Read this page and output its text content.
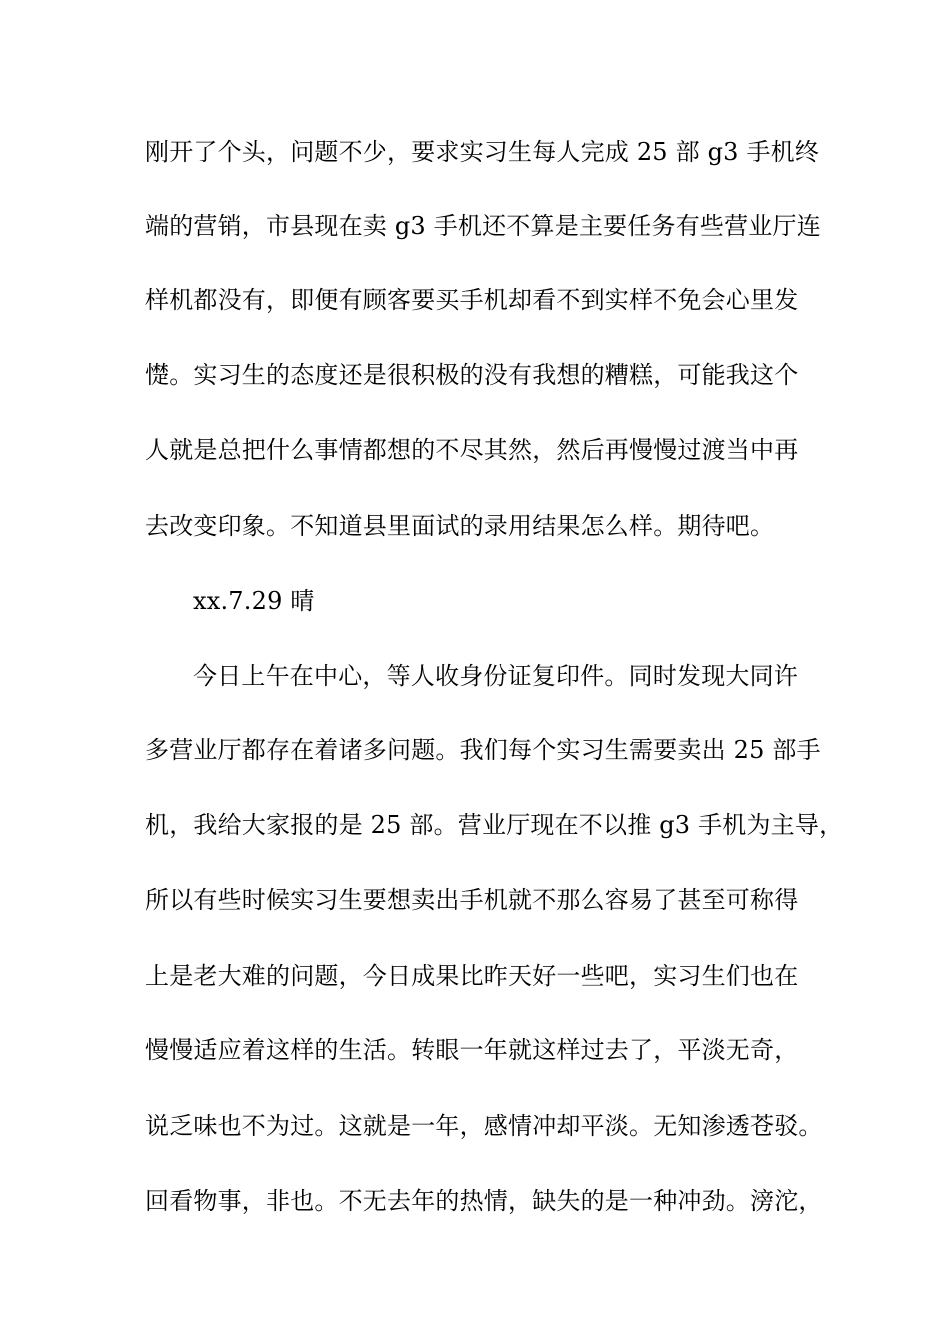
刚开了个头，问题不少，要求实习生每人完成 25 部 g3 手机终
端的营销，市县现在卖 g3 手机还不算是主要任务有些营业厅连
样机都没有，即便有顾客要买手机却看不到实样不免会心里发
憷。实习生的态度还是很积极的没有我想的糟糕，可能我这个
人就是总把什么事情都想的不尽其然，然后再慢慢过渡当中再
去改变印象。不知道县里面试的录用结果怎么样。期待吧。
xx.7.29 晴
今日上午在中心，等人收身份证复印件。同时发现大同许
多营业厅都存在着诸多问题。我们每个实习生需要卖出 25 部手
机，我给大家报的是 25 部。营业厅现在不以推 g3 手机为主导，
所以有些时候实习生要想卖出手机就不那么容易了甚至可称得
上是老大难的问题，今日成果比昨天好一些吧，实习生们也在
慢慢适应着这样的生活。转眼一年就这样过去了，平淡无奇，
说乏味也不为过。这就是一年，感情冲却平淡。无知渗透苍驳。
回看物事，非也。不无去年的热情，缺失的是一种冲劲。滂沱，
